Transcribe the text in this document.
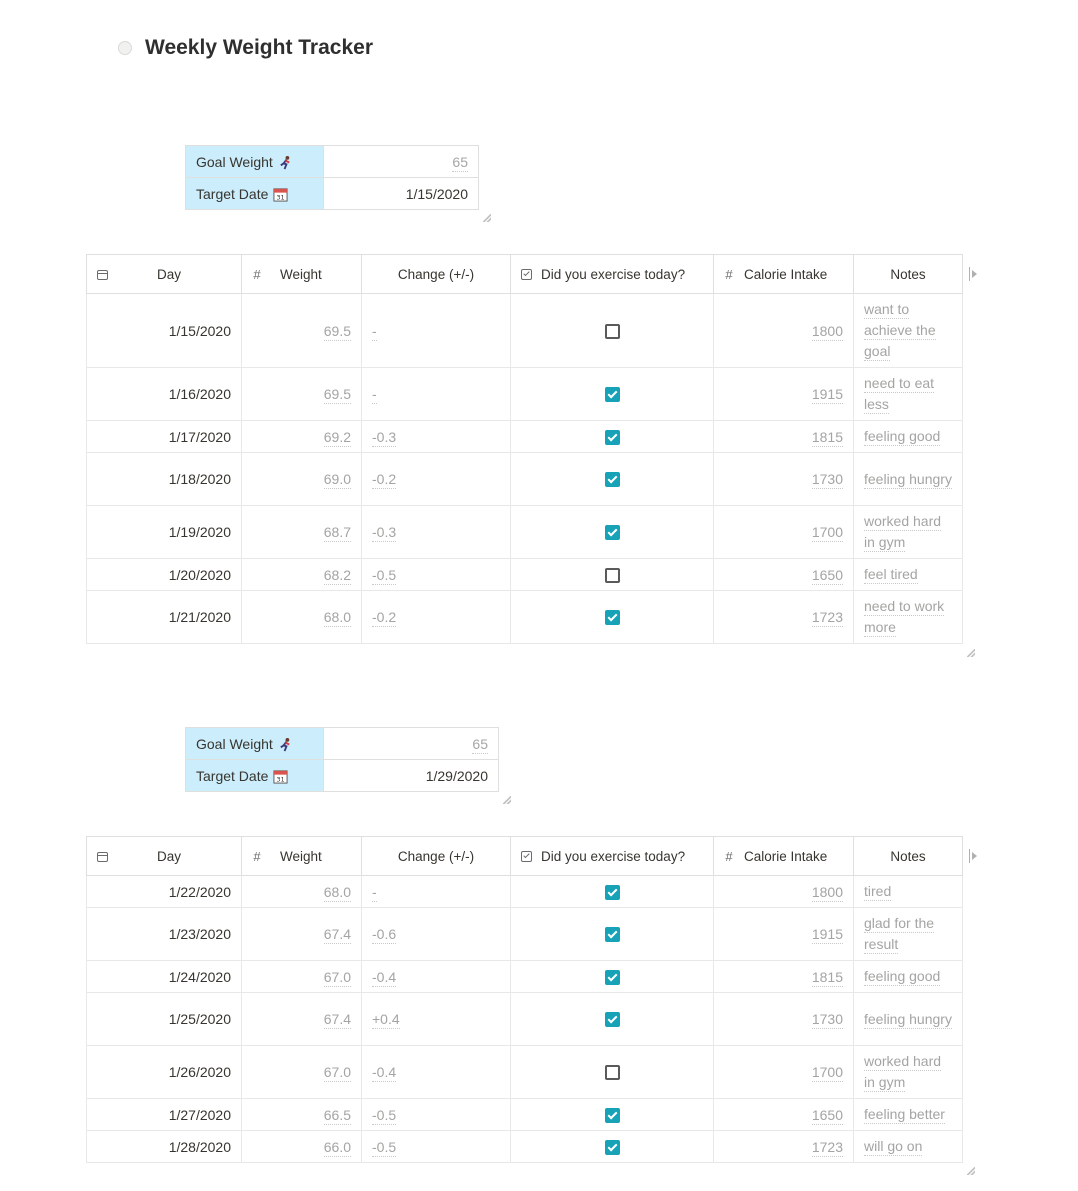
Weekly Weight Tracker
Goal Weight	65
Target Date 31	1/15/2020
Day	# Weight	Change (+/-)	Did you exercise today?	# Calorie Intake	Notes
1/15/2020	69.5	-		1800	want to achieve the goal
1/16/2020	69.5	-		1915	need to eat less
1/17/2020	69.2	-0.3		1815	feeling good
1/18/2020	69.0	-0.2		1730	feeling hungry
1/19/2020	68.7	-0.3		1700	worked hard in gym
1/20/2020	68.2	-0.5		1650	feel tired
1/21/2020	68.0	-0.2		1723	need to work more
Goal Weight	65
Target Date 31	1/29/2020
Day	# Weight	Change (+/-)	Did you exercise today?	# Calorie Intake	Notes
1/22/2020	68.0	-		1800	tired
1/23/2020	67.4	-0.6		1915	glad for the result
1/24/2020	67.0	-0.4		1815	feeling good
1/25/2020	67.4	+0.4		1730	feeling hungry
1/26/2020	67.0	-0.4		1700	worked hard in gym
1/27/2020	66.5	-0.5		1650	feeling better
1/28/2020	66.0	-0.5		1723	will go on
